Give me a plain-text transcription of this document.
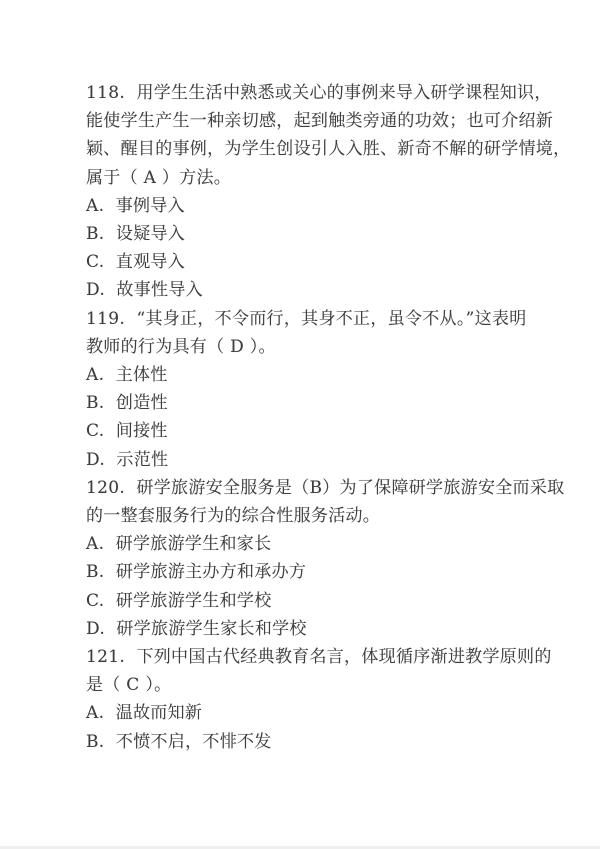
118.  用学生生活中熟悉或关心的事例来导入研学课程知识，

能使学生产生一种亲切感，起到触类旁通的功效；也可介绍新

颖、醒目的事例，为学生创设引人入胜、新奇不解的研学情境，

属于（ A ）方法。

A.  事例导入

B.  设疑导入

C.  直观导入

D.  故事性导入

119.  “其身正，不令而行，其身不正，虽令不从。”这表明

教师的行为具有（ D ）。

A.  主体性

B.  创造性

C.  间接性

D.  示范性

120.  研学旅游安全服务是（B）为了保障研学旅游安全而采取

的一整套服务行为的综合性服务活动。

A.  研学旅游学生和家长

B.  研学旅游主办方和承办方

C.  研学旅游学生和学校

D.  研学旅游学生家长和学校

121.  下列中国古代经典教育名言，体现循序渐进教学原则的

是（ C ）。

A.  温故而知新

B.  不愤不启，不悱不发
